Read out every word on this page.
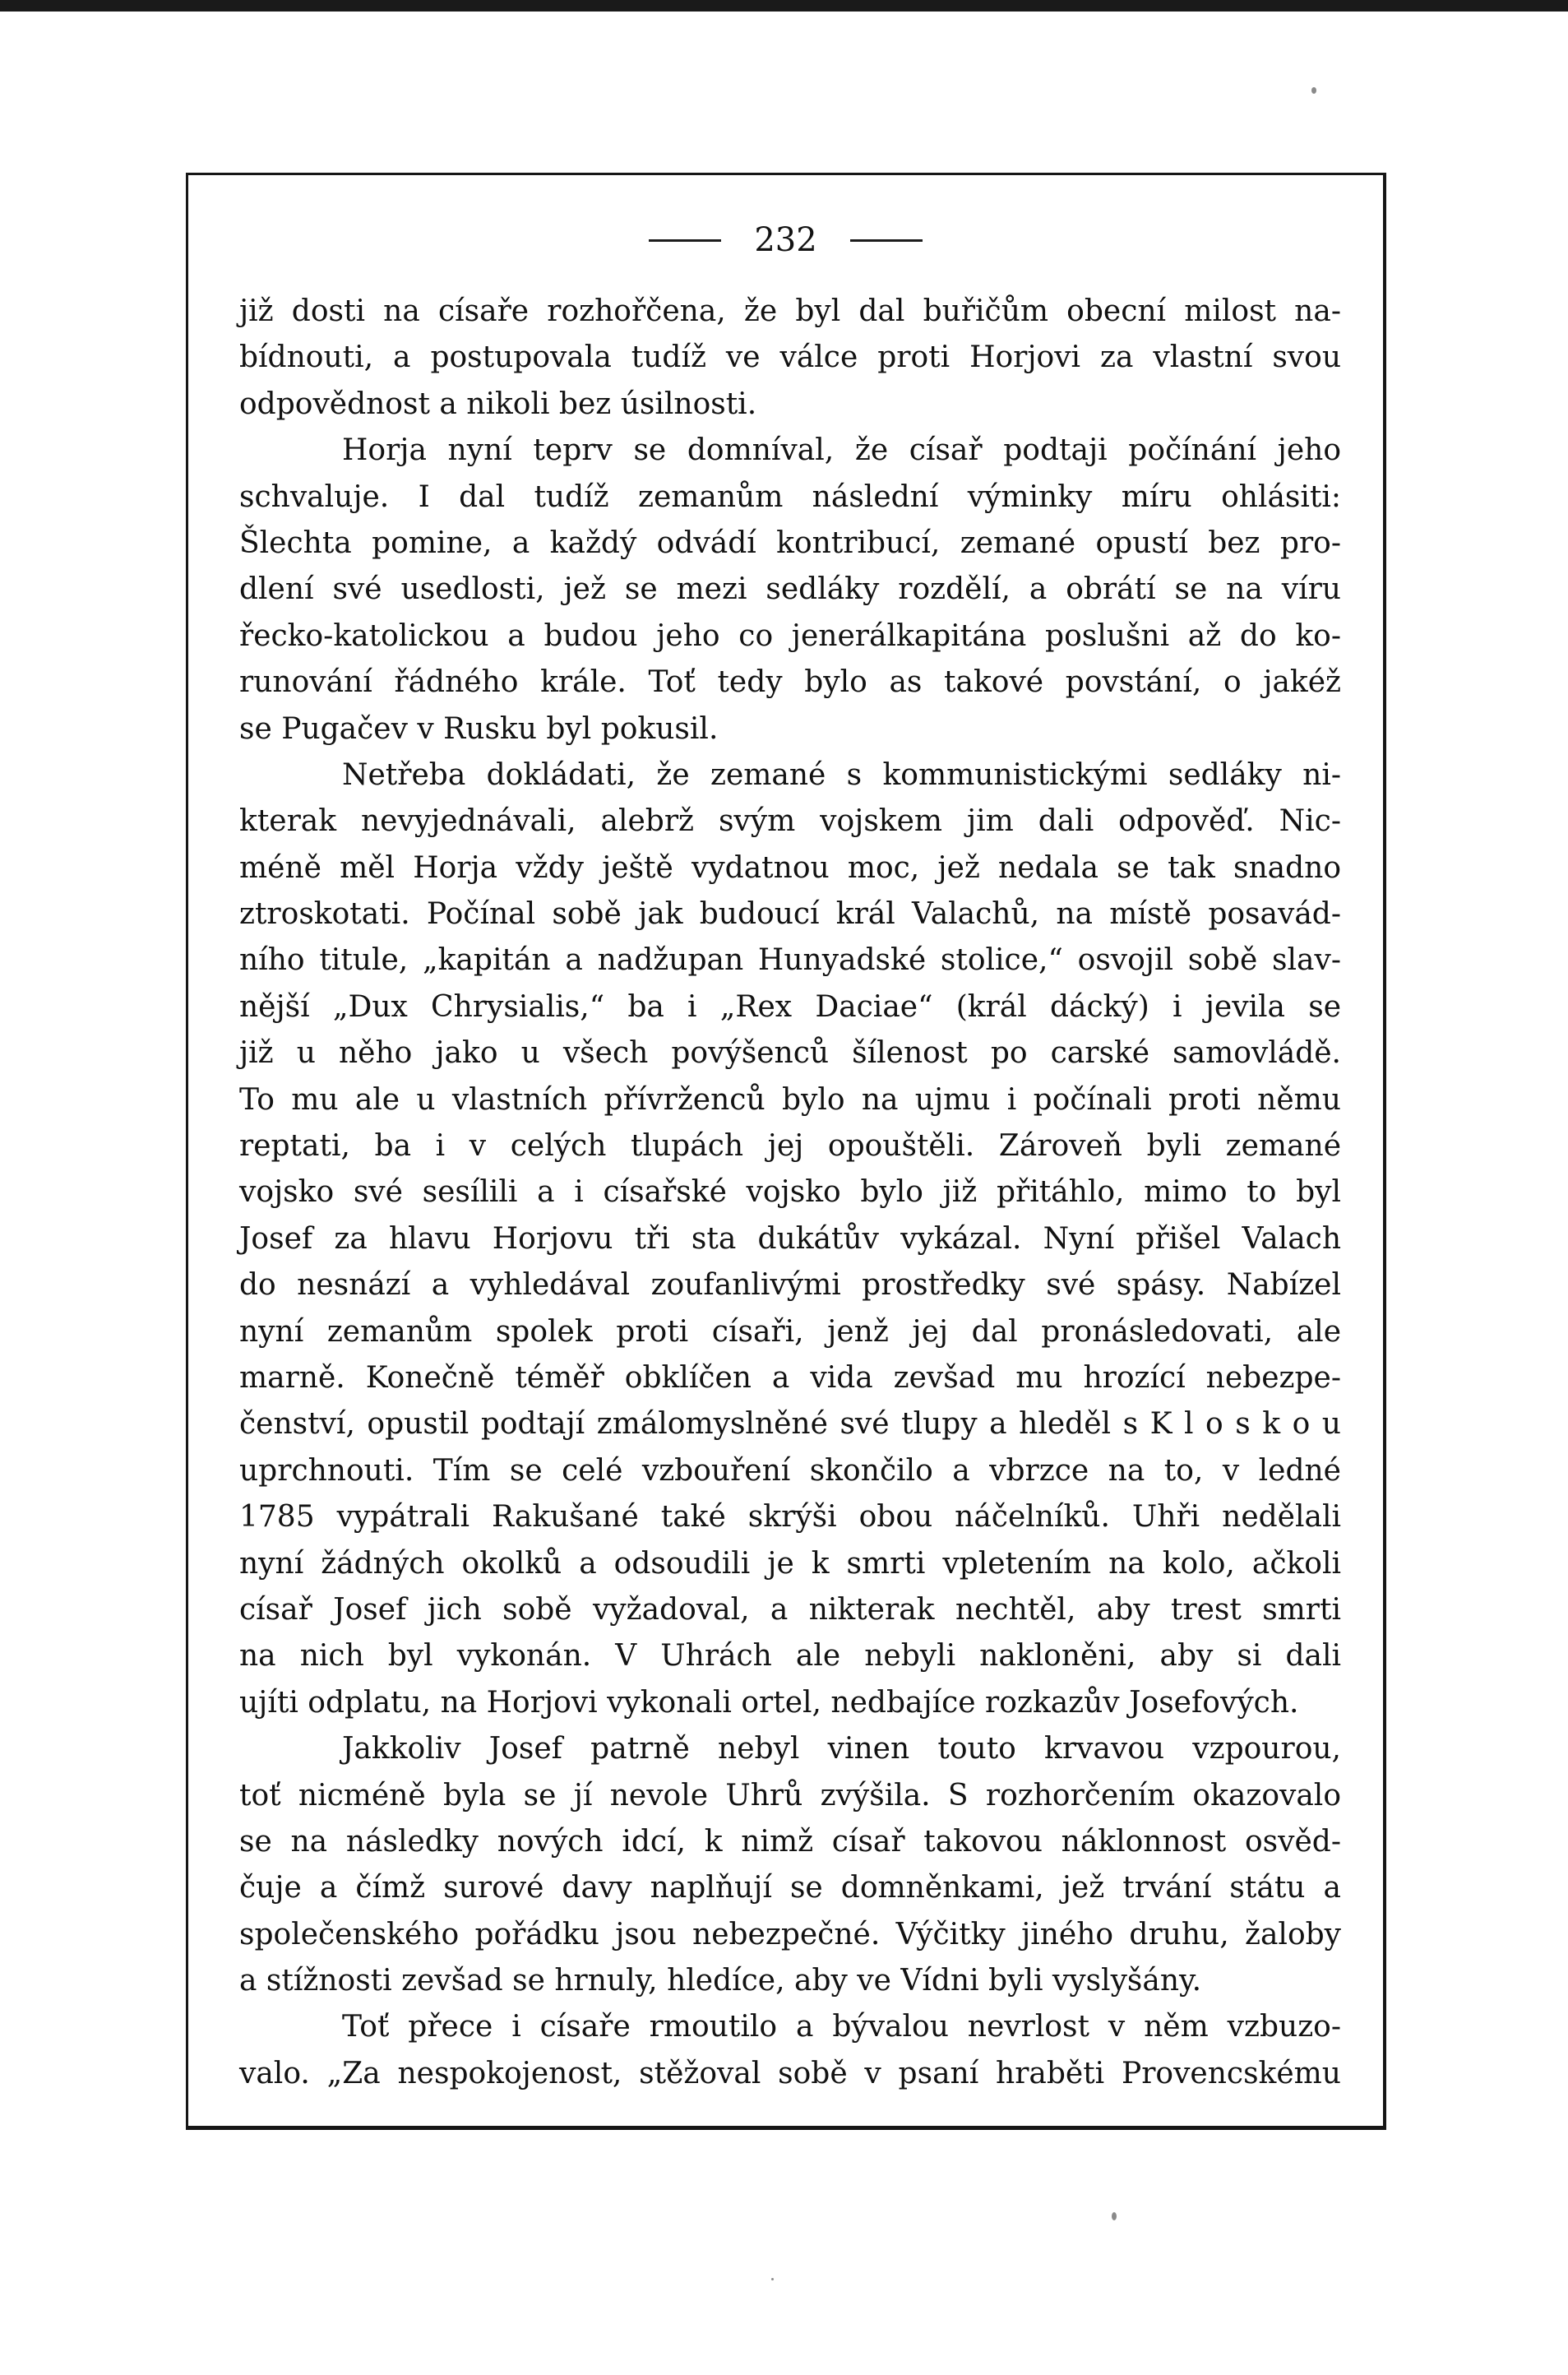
232
již dosti na císaře rozhořčena, že byl dal buřičům obecní milost na-
bídnouti, a postupovala tudíž ve válce proti Horjovi za vlastní svou
odpovědnost a nikoli bez úsilnosti.
Horja nyní teprv se domníval, že císař podtaji počínání jeho
schvaluje. I dal tudíž zemanům následní výminky míru ohlásiti:
Šlechta pomine, a každý odvádí kontribucí, zemané opustí bez pro-
dlení své usedlosti, jež se mezi sedláky rozdělí, a obrátí se na víru
řecko-katolickou a budou jeho co jenerálkapitána poslušni až do ko-
runování řádného krále. Toť tedy bylo as takové povstání, o jakéž
se Pugačev v Rusku byl pokusil.
Netřeba dokládati, že zemané s kommunistickými sedláky ni-
kterak nevyjednávali, alebrž svým vojskem jim dali odpověď. Nic-
méně měl Horja vždy ještě vydatnou moc, jež nedala se tak snadno
ztroskotati. Počínal sobě jak budoucí král Valachů, na místě posavád-
ního titule, „kapitán a nadžupan Hunyadské stolice,“ osvojil sobě slav-
nější „Dux Chrysialis,“ ba i „Rex Daciae“ (král dácký) i jevila se
již u něho jako u všech povýšenců šílenost po carské samovládě.
To mu ale u vlastních přívrženců bylo na ujmu i počínali proti němu
reptati, ba i v celých tlupách jej opouštěli. Zároveň byli zemané
vojsko své sesílili a i císařské vojsko bylo již přitáhlo, mimo to byl
Josef za hlavu Horjovu tři sta dukátův vykázal. Nyní přišel Valach
do nesnází a vyhledával zoufanlivými prostředky své spásy. Nabízel
nyní zemanům spolek proti císaři, jenž jej dal pronásledovati, ale
marně. Konečně téměř obklíčen a vida zevšad mu hrozící nebezpe-
čenství, opustil podtají zmálomyslněné své tlupy a hleděl s K l o s k o u
uprchnouti. Tím se celé vzbouření skončilo a vbrzce na to, v ledné
1785 vypátrali Rakušané také skrýši obou náčelníků. Uhři nedělali
nyní žádných okolků a odsoudili je k smrti vpletením na kolo, ačkoli
císař Josef jich sobě vyžadoval, a nikterak nechtěl, aby trest smrti
na nich byl vykonán. V Uhrách ale nebyli nakloněni, aby si dali
ujíti odplatu, na Horjovi vykonali ortel, nedbajíce rozkazův Josefových.
Jakkoliv Josef patrně nebyl vinen touto krvavou vzpourou,
toť nicméně byla se jí nevole Uhrů zvýšila. S rozhorčením okazovalo
se na následky nových idcí, k nimž císař takovou náklonnost osvěd-
čuje a čímž surové davy naplňují se domněnkami, jež trvání státu a
společenského pořádku jsou nebezpečné. Výčitky jiného druhu, žaloby
a stížnosti zevšad se hrnuly, hledíce, aby ve Vídni byli vyslyšány.
Toť přece i císaře rmoutilo a bývalou nevrlost v něm vzbuzo-
valo. „Za nespokojenost, stěžoval sobě v psaní hraběti Provencskému
